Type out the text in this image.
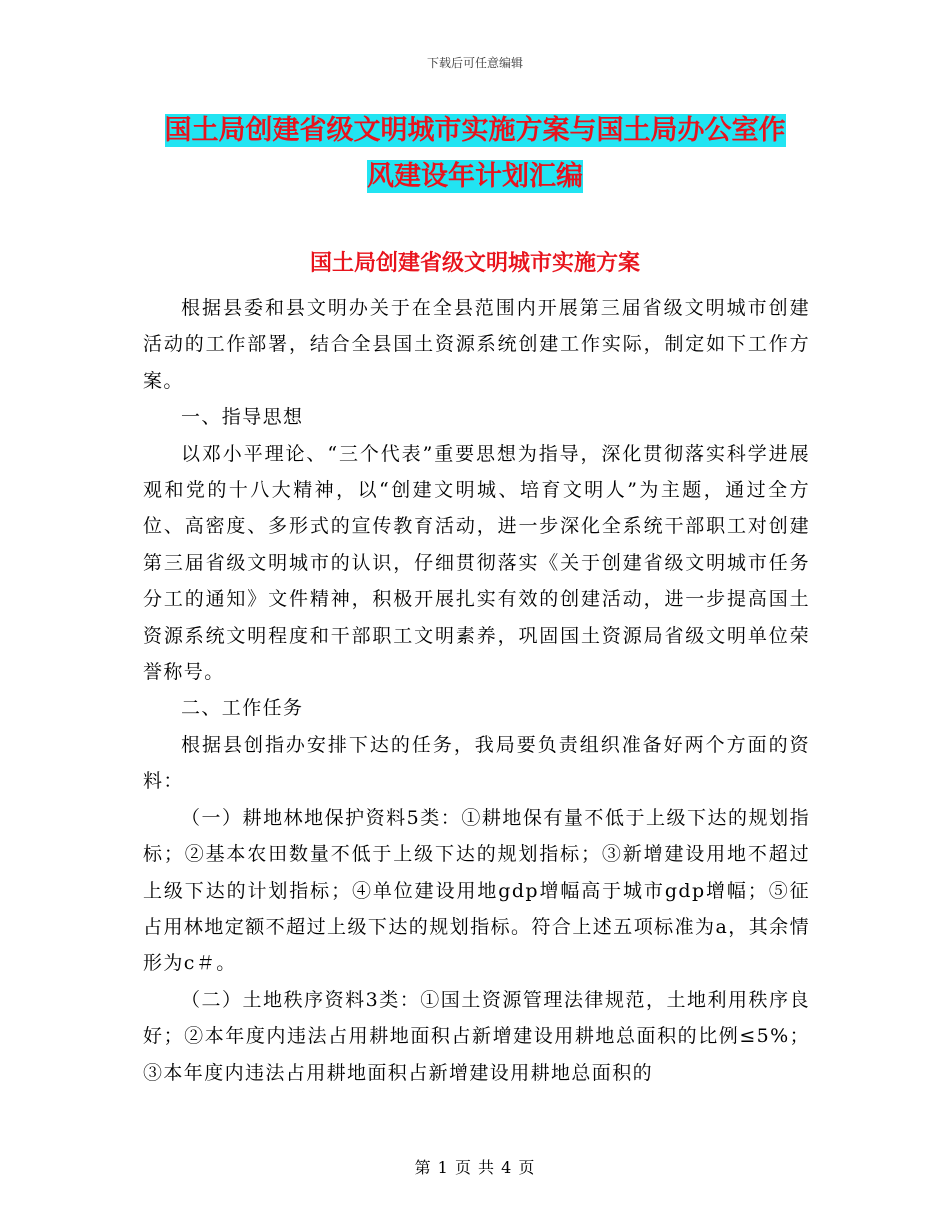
下载后可任意编辑
国土局创建省级文明城市实施方案与国土局办公室作
风建设年计划汇编
国土局创建省级文明城市实施方案

根据县委和县文明办关于在全县范围内开展第三届省级文明城市创建活动的工作部署，结合全县国土资源系统创建工作实际，制定如下工作方案。

一、指导思想

以邓小平理论、“三个代表”重要思想为指导，深化贯彻落实科学进展观和党的十八大精神，以“创建文明城、培育文明人”为主题，通过全方位、高密度、多形式的宣传教育活动，进一步深化全系统干部职工对创建第三届省级文明城市的认识，仔细贯彻落实《关于创建省级文明城市任务分工的通知》文件精神，积极开展扎实有效的创建活动，进一步提高国土资源系统文明程度和干部职工文明素养，巩固国土资源局省级文明单位荣誉称号。

二、工作任务

根据县创指办安排下达的任务，我局要负责组织准备好两个方面的资料：

（一）耕地林地保护资料5类：①耕地保有量不低于上级下达的规划指标；②基本农田数量不低于上级下达的规划指标；③新增建设用地不超过上级下达的计划指标；④单位建设用地gdp增幅高于城市gdp增幅；⑤征占用林地定额不超过上级下达的规划指标。符合上述五项标准为a，其余情形为c＃。

（二）土地秩序资料3类：①国土资源管理法律规范，土地利用秩序良好；②本年度内违法占用耕地面积占新增建设用耕地总面积的比例≤5%；③本年度内违法占用耕地面积占新增建设用耕地总面积的

第 1 页 共 4 页
